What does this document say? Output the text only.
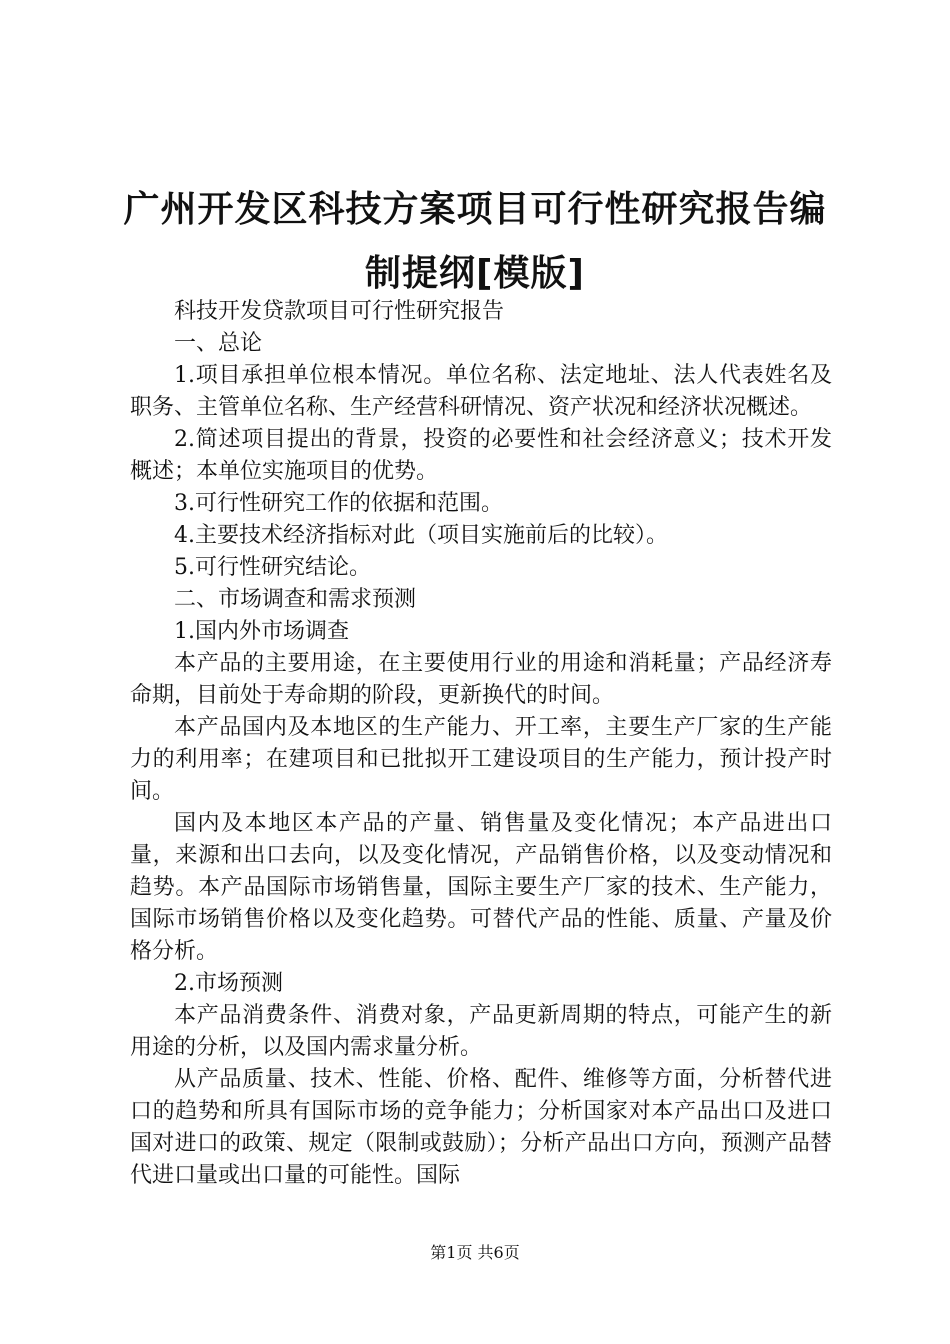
广州开发区科技方案项目可行性研究报告编制提纲[模版]

科技开发贷款项目可行性研究报告

一、总论

1.项目承担单位根本情况。单位名称、法定地址、法人代表姓名及职务、主管单位名称、生产经营科研情况、资产状况和经济状况概述。

2.简述项目提出的背景，投资的必要性和社会经济意义；技术开发概述；本单位实施项目的优势。

3.可行性研究工作的依据和范围。

4.主要技术经济指标对此（项目实施前后的比较）。

5.可行性研究结论。

二、市场调查和需求预测

1.国内外市场调查

本产品的主要用途，在主要使用行业的用途和消耗量；产品经济寿命期，目前处于寿命期的阶段，更新换代的时间。

本产品国内及本地区的生产能力、开工率，主要生产厂家的生产能力的利用率；在建项目和已批拟开工建设项目的生产能力，预计投产时间。

国内及本地区本产品的产量、销售量及变化情况；本产品进出口量，来源和出口去向，以及变化情况，产品销售价格，以及变动情况和趋势。本产品国际市场销售量，国际主要生产厂家的技术、生产能力，国际市场销售价格以及变化趋势。可替代产品的性能、质量、产量及价格分析。

2.市场预测

本产品消费条件、消费对象，产品更新周期的特点，可能产生的新用途的分析，以及国内需求量分析。

从产品质量、技术、性能、价格、配件、维修等方面，分析替代进口的趋势和所具有国际市场的竞争能力；分析国家对本产品出口及进口国对进口的政策、规定（限制或鼓励）；分析产品出口方向，预测产品替代进口量或出口量的可能性。国际

第1页 共6页
